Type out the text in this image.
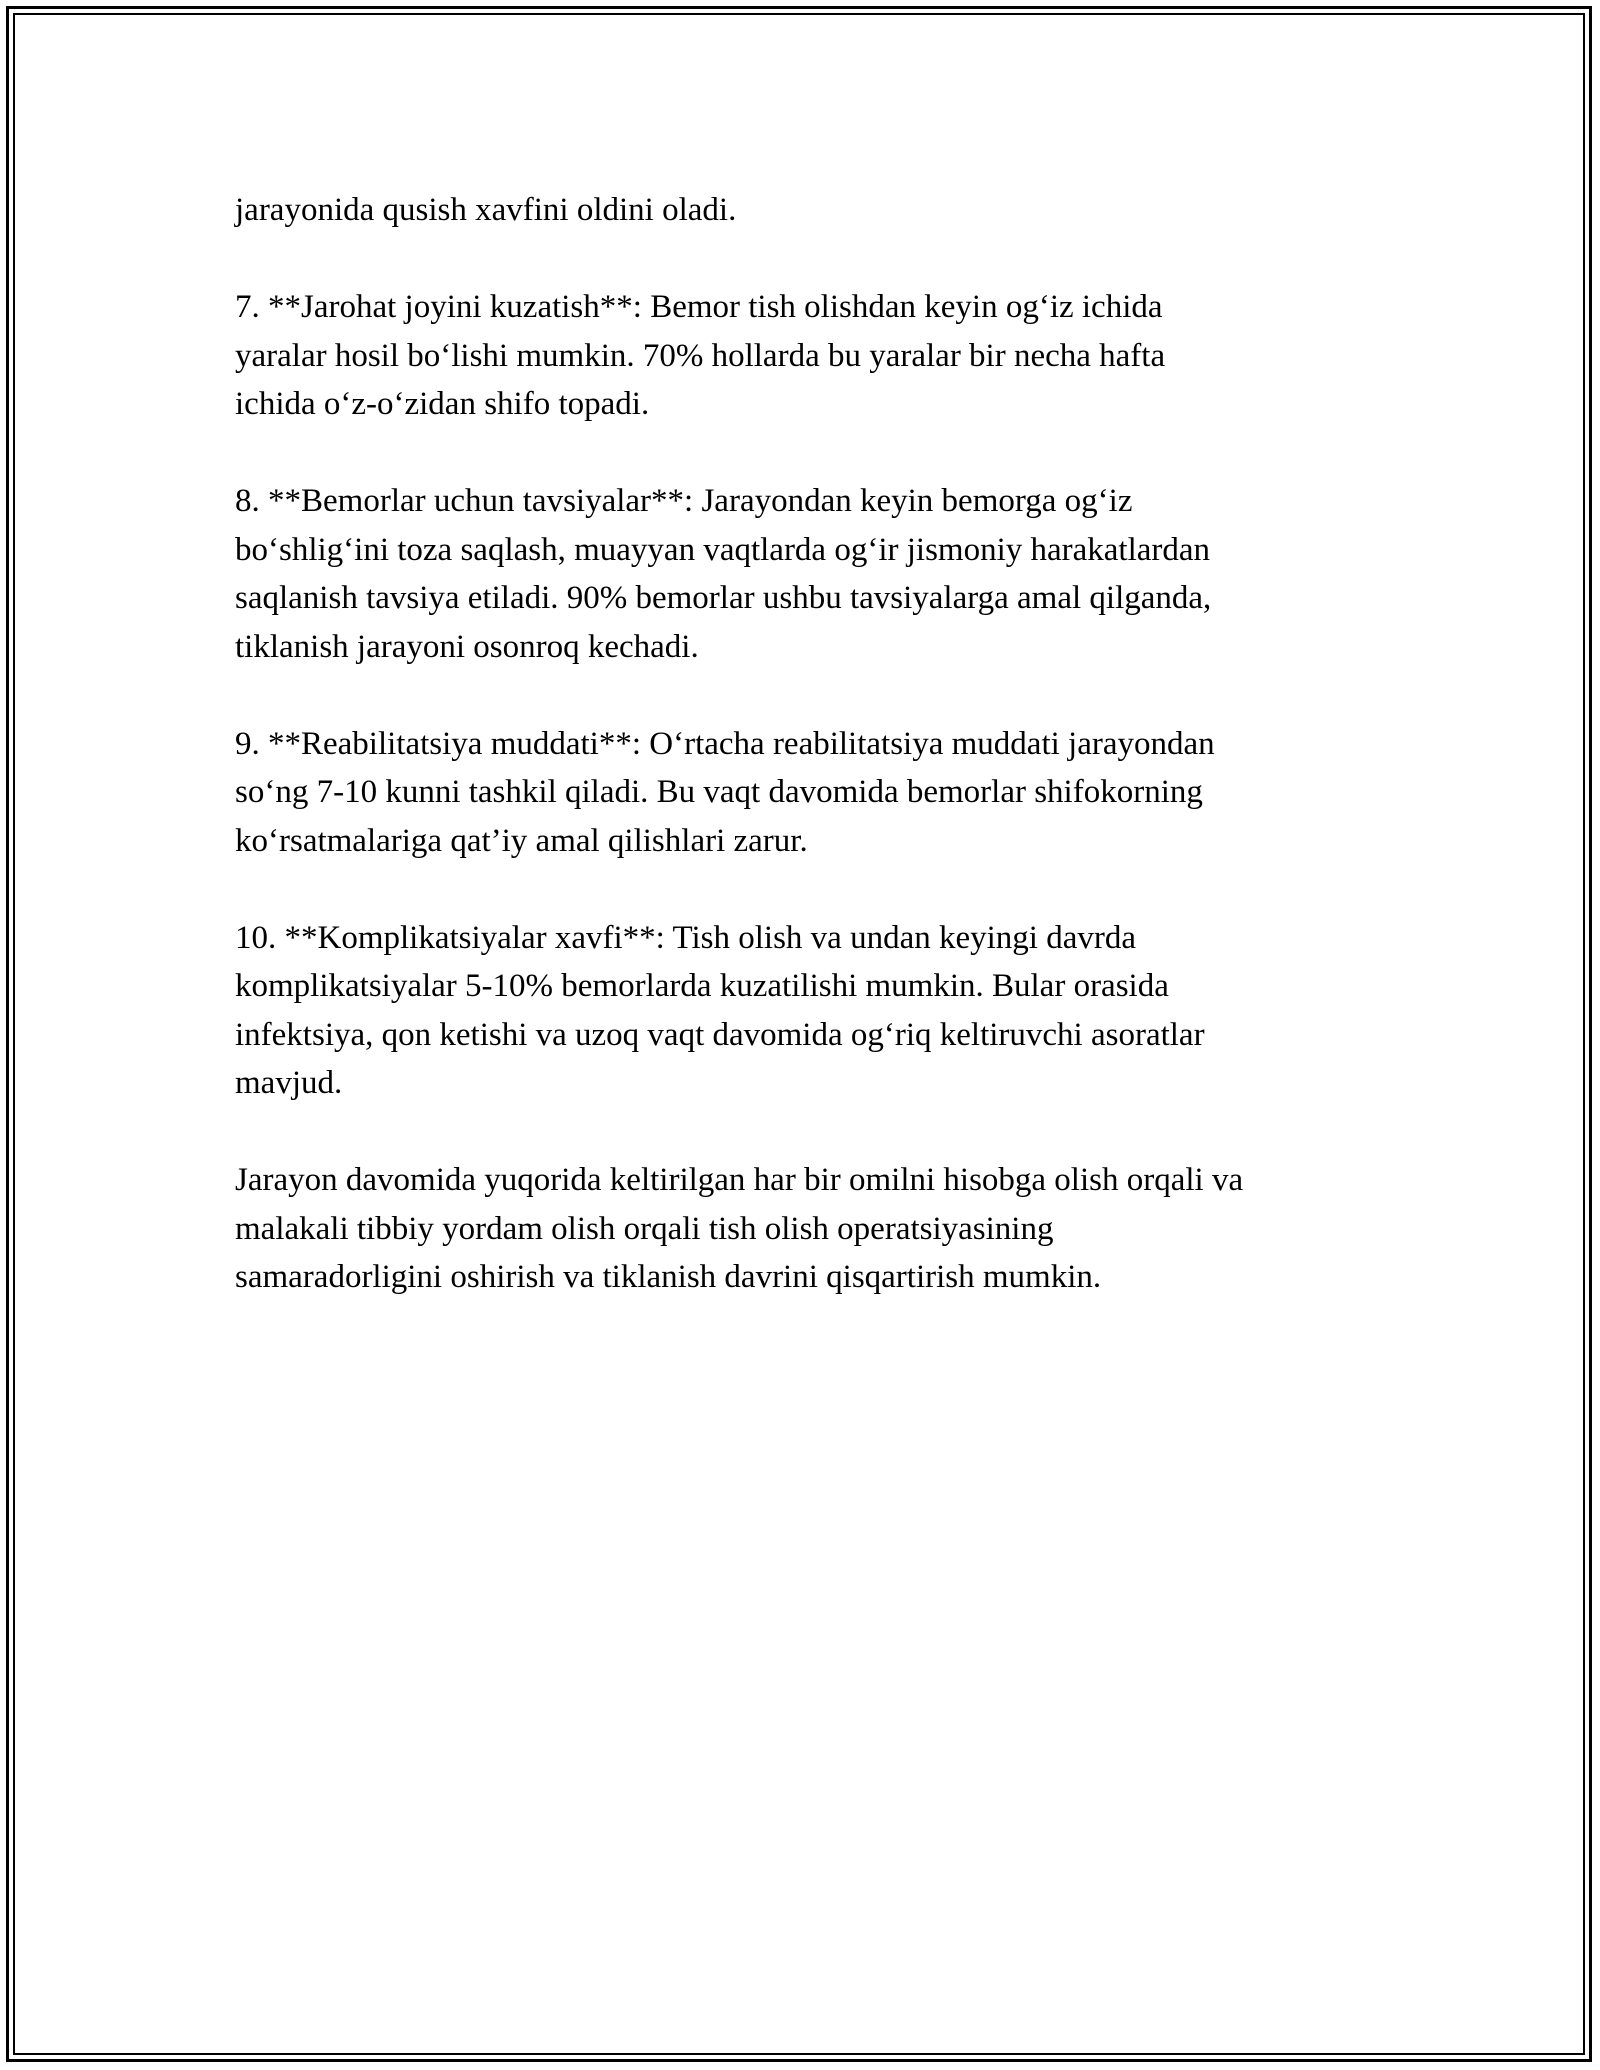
jarayonida qusish xavfini oldini oladi.

7. **Jarohat joyini kuzatish**: Bemor tish olishdan keyin og‘iz ichida
yaralar hosil bo‘lishi mumkin. 70% hollarda bu yaralar bir necha hafta
ichida o‘z-o‘zidan shifo topadi.

8. **Bemorlar uchun tavsiyalar**: Jarayondan keyin bemorga og‘iz
bo‘shlig‘ini toza saqlash, muayyan vaqtlarda og‘ir jismoniy harakatlardan
saqlanish tavsiya etiladi. 90% bemorlar ushbu tavsiyalarga amal qilganda,
tiklanish jarayoni osonroq kechadi.

9. **Reabilitatsiya muddati**: O‘rtacha reabilitatsiya muddati jarayondan
so‘ng 7-10 kunni tashkil qiladi. Bu vaqt davomida bemorlar shifokorning
ko‘rsatmalariga qat’iy amal qilishlari zarur.

10. **Komplikatsiyalar xavfi**: Tish olish va undan keyingi davrda
komplikatsiyalar 5-10% bemorlarda kuzatilishi mumkin. Bular orasida
infektsiya, qon ketishi va uzoq vaqt davomida og‘riq keltiruvchi asoratlar
mavjud.

Jarayon davomida yuqorida keltirilgan har bir omilni hisobga olish orqali va
malakali tibbiy yordam olish orqali tish olish operatsiyasining
samaradorligini oshirish va tiklanish davrini qisqartirish mumkin.
